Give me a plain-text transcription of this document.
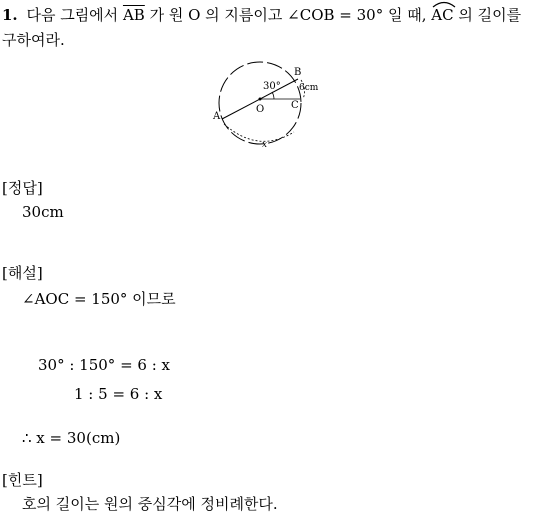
1. 다음 그림에서 $\overline{AB}$ 가 원 O 의 지름이고 ∠COB = 30° 일 때, AC 의 길이를
구하여라.
30°
B
6cm
O	C
A
x
[정답]
30cm
[해설]
∠AOC = 150° 이므로
30° : 150° = 6 : x
1 : 5 = 6 : x
∴ x = 30(cm)
[힌트]
호의 길이는 원의 중심각에 정비례한다.
